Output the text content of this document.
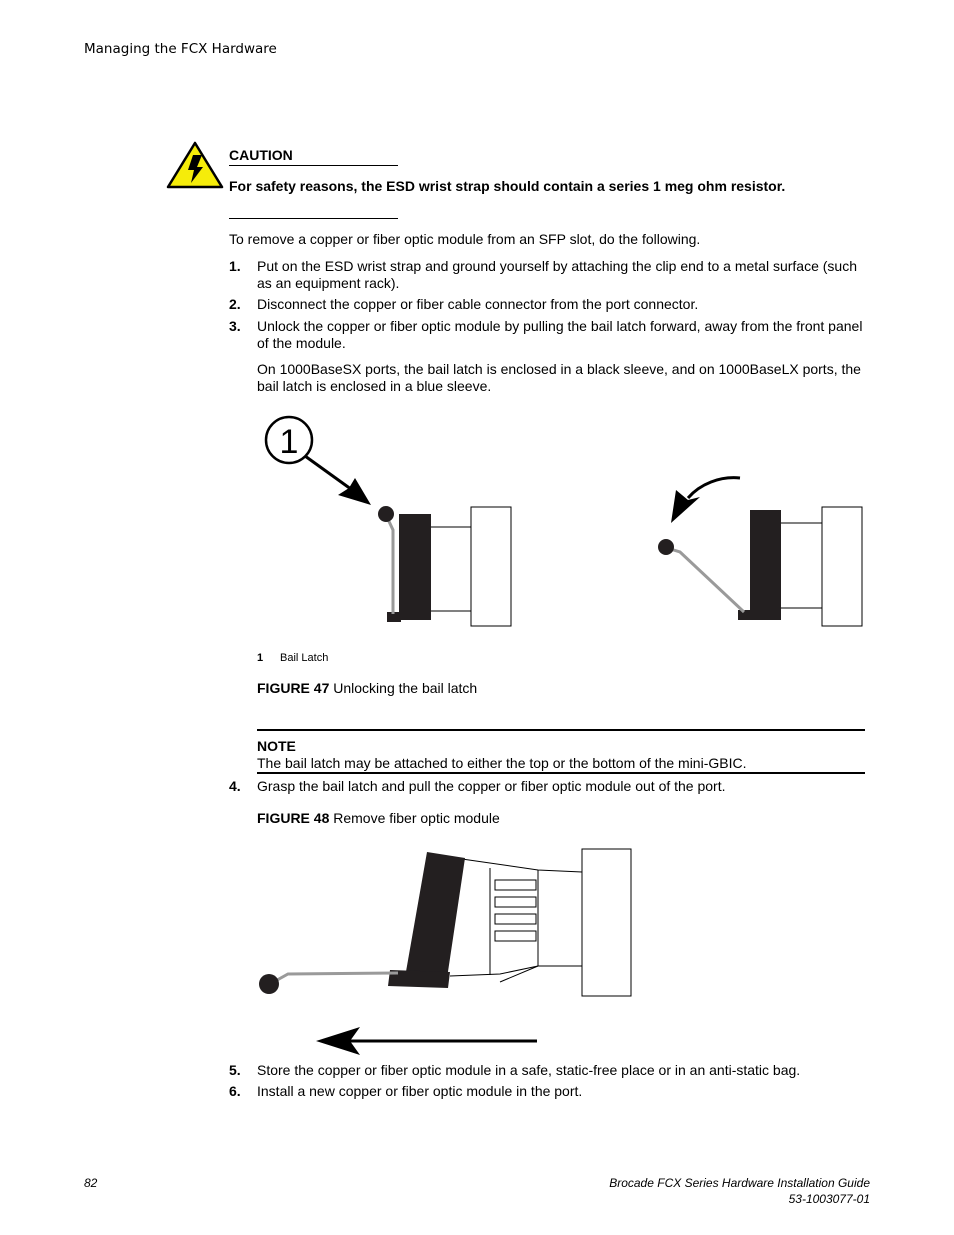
Managing the FCX Hardware
CAUTION
For safety reasons, the ESD wrist strap should contain a series 1 meg ohm resistor.
To remove a copper or fiber optic module from an SFP slot, do the following.
1. Put on the ESD wrist strap and ground yourself by attaching the clip end to a metal surface (such as an equipment rack).
2. Disconnect the copper or fiber cable connector from the port connector.
3. Unlock the copper or fiber optic module by pulling the bail latch forward, away from the front panel of the module.
On 1000BaseSX ports, the bail latch is enclosed in a black sleeve, and on 1000BaseLX ports, the bail latch is enclosed in a blue sleeve.
1
1 Bail Latch
FIGURE 47 Unlocking the bail latch
NOTE
The bail latch may be attached to either the top or the bottom of the mini-GBIC.
4. Grasp the bail latch and pull the copper or fiber optic module out of the port.
FIGURE 48 Remove fiber optic module
5. Store the copper or fiber optic module in a safe, static-free place or in an anti-static bag.
6. Install a new copper or fiber optic module in the port.
82	Brocade FCX Series Hardware Installation Guide
53-1003077-01
